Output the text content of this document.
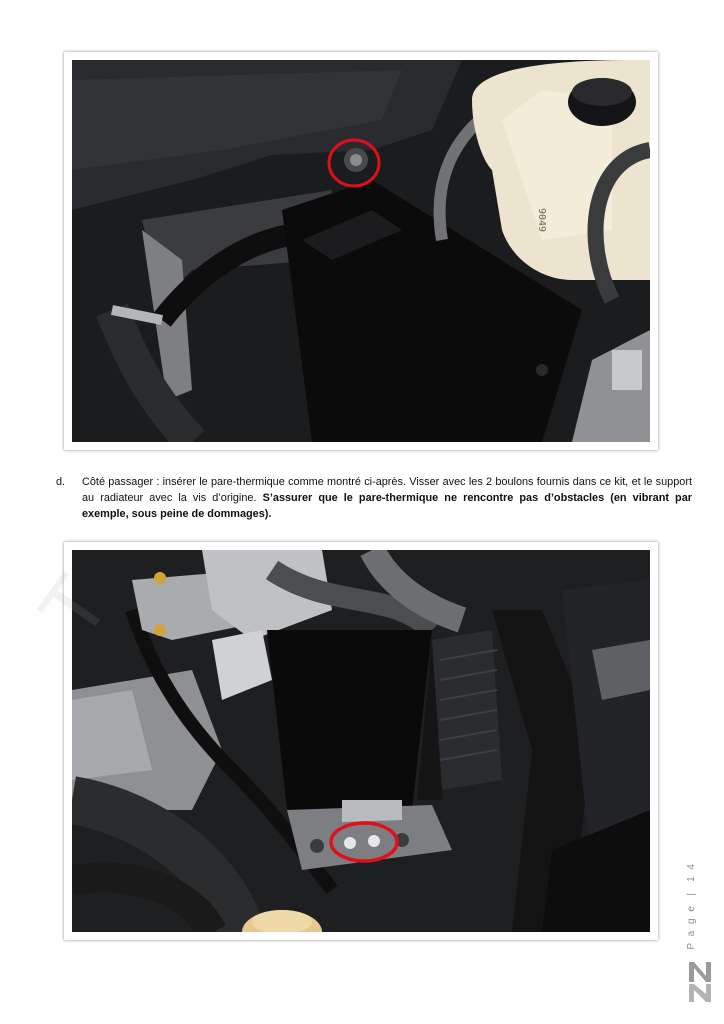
9049
d. Côté passager : insérer le pare-thermique comme montré ci-après. Visser avec les 2 boulons fournis dans ce kit, et le support au radiateur avec la vis d’origine. S’assurer que le pare-thermique ne rencontre pas d’obstacles (en vibrant par exemple, sous peine de dommages).
P a g e | 1 4
